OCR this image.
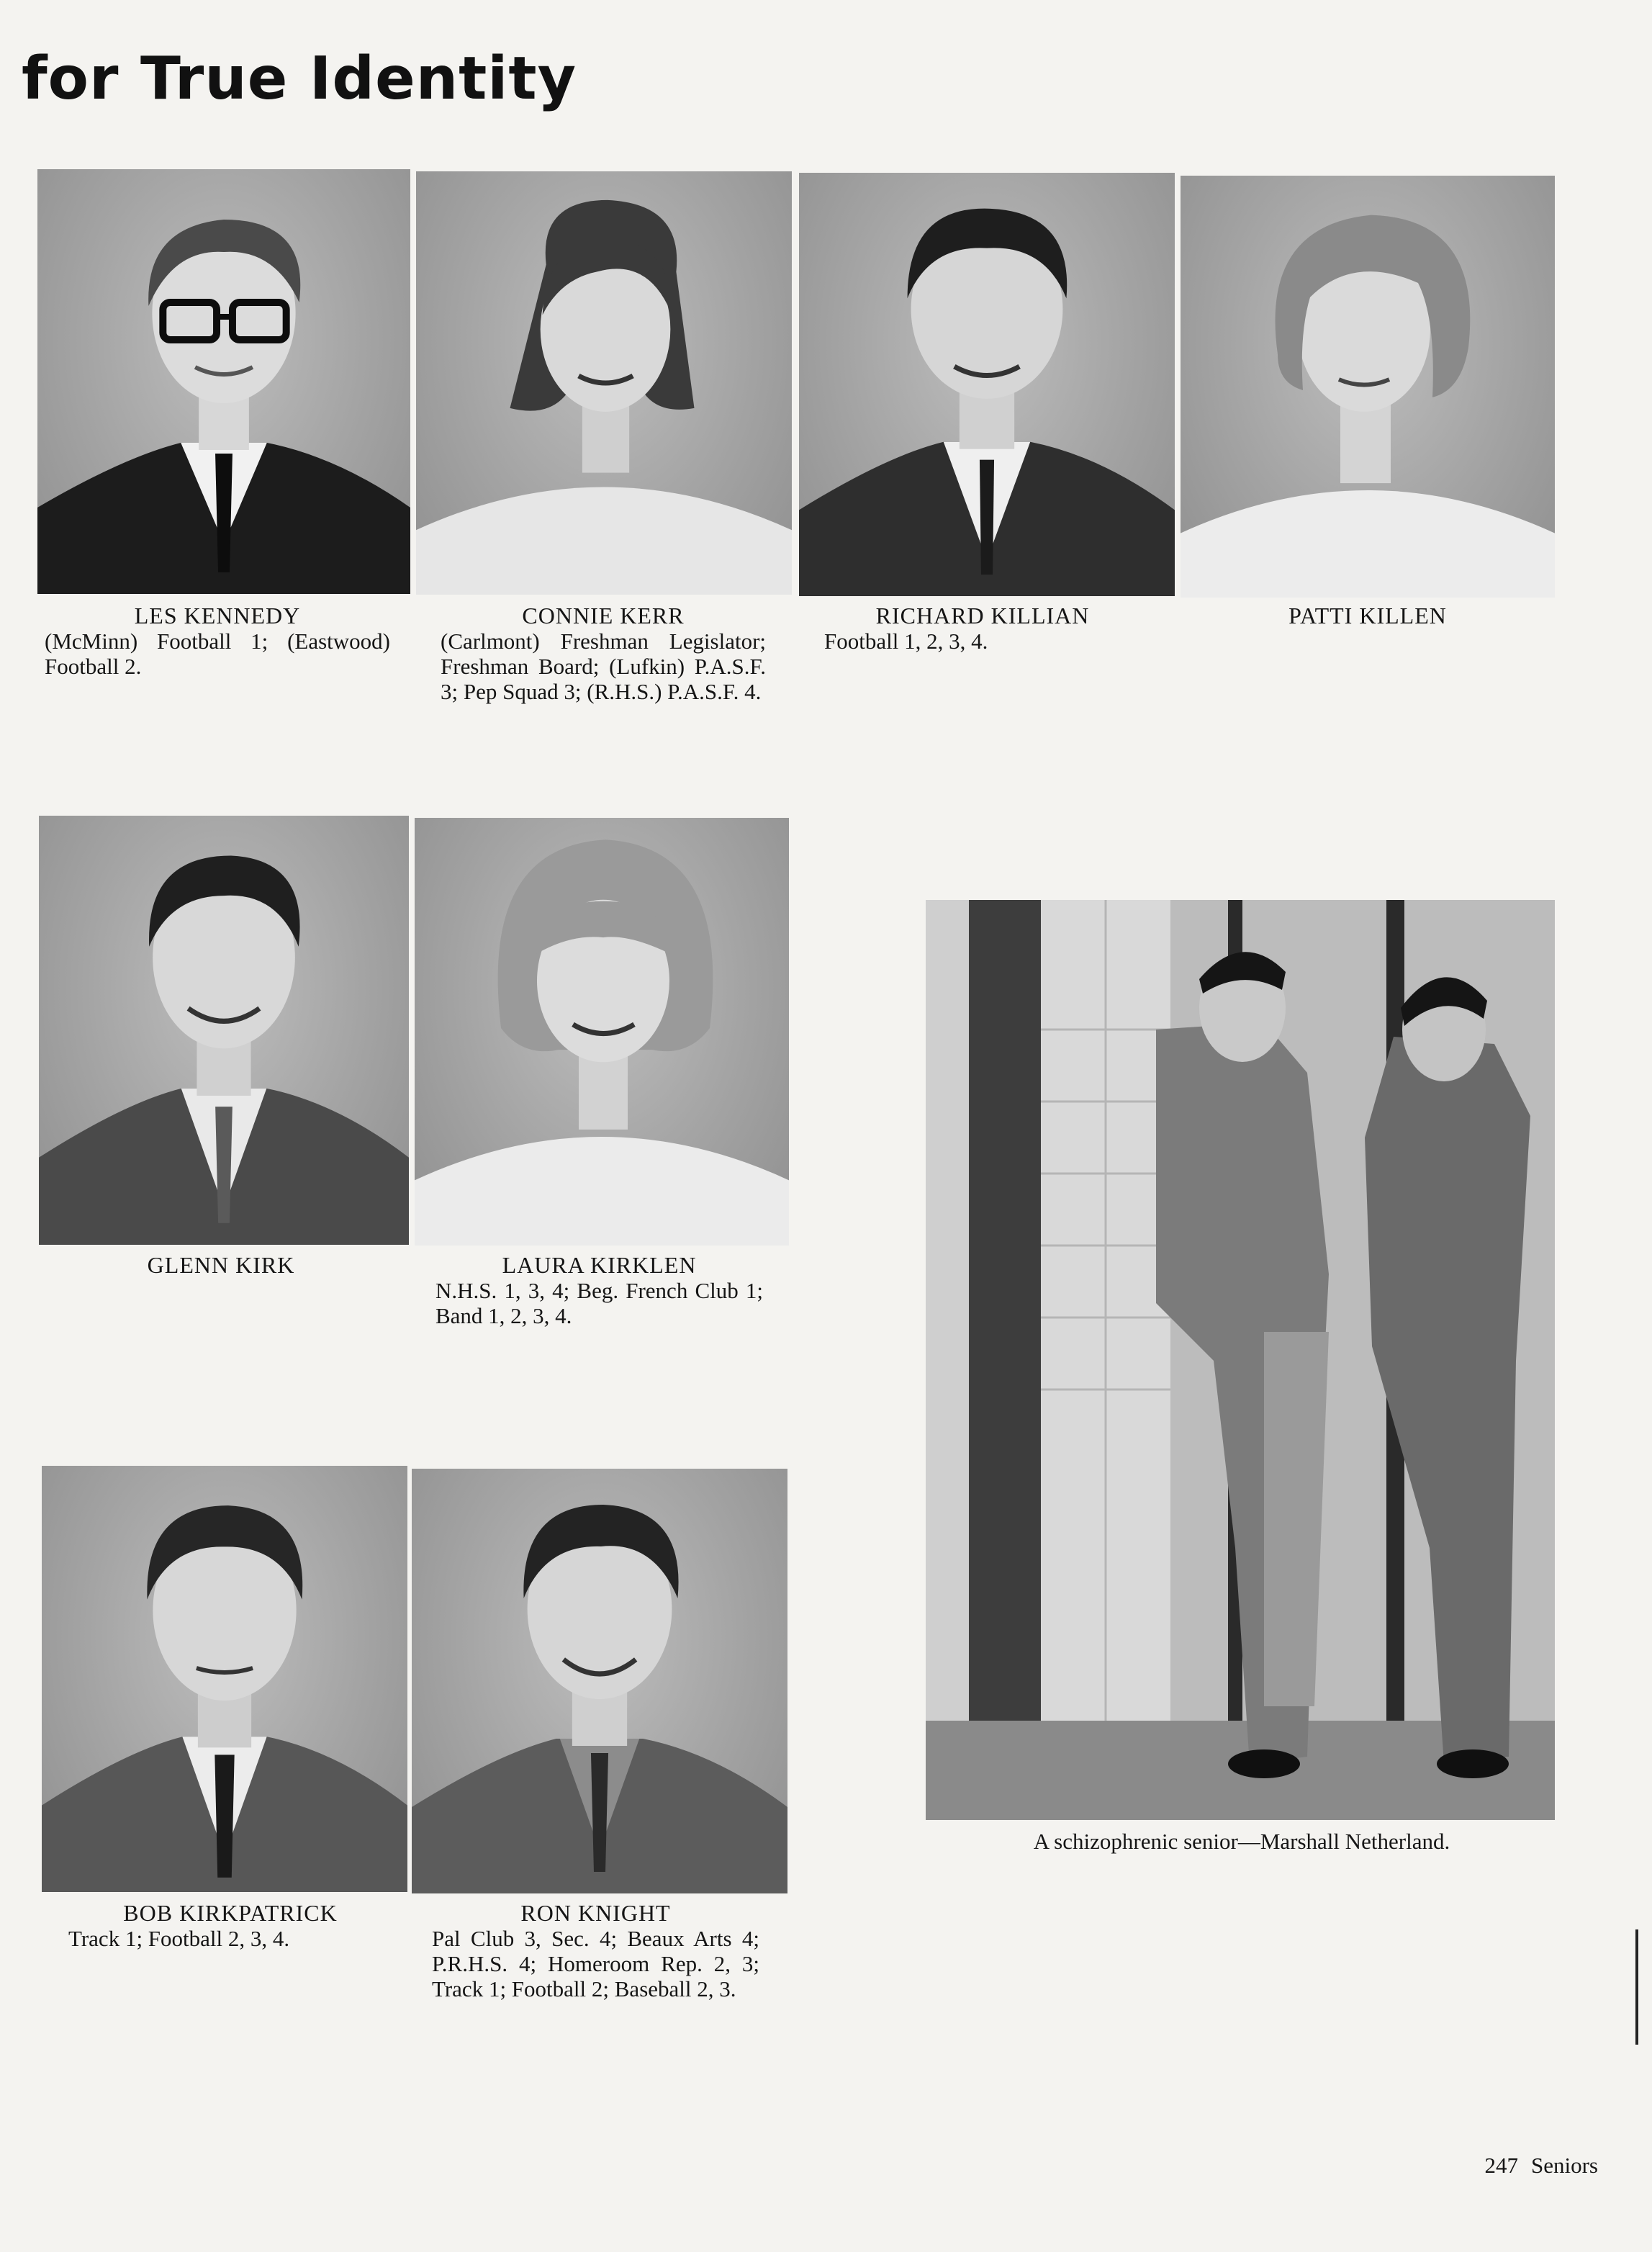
for True Identity
LES KENNEDY
(McMinn) Football 1; (Eastwood) Football 2.
CONNIE KERR
(Carlmont) Freshman Legislator; Freshman Board; (Lufkin) P.A.S.F. 3; Pep Squad 3; (R.H.S.) P.A.S.F. 4.
RICHARD KILLIAN
Football 1, 2, 3, 4.
PATTI KILLEN
GLENN KIRK	LAURA KIRKLEN
N.H.S. 1, 3, 4; Beg. French Club 1; Band 1, 2, 3, 4.
BOB KIRKPATRICK
Track 1; Football 2, 3, 4.
RON KNIGHT
Pal Club 3, Sec. 4; Beaux Arts 4; P.R.H.S. 4; Homeroom Rep. 2, 3; Track 1; Football 2; Baseball 2, 3.
A schizophrenic senior—Marshall Netherland.
247 Seniors
